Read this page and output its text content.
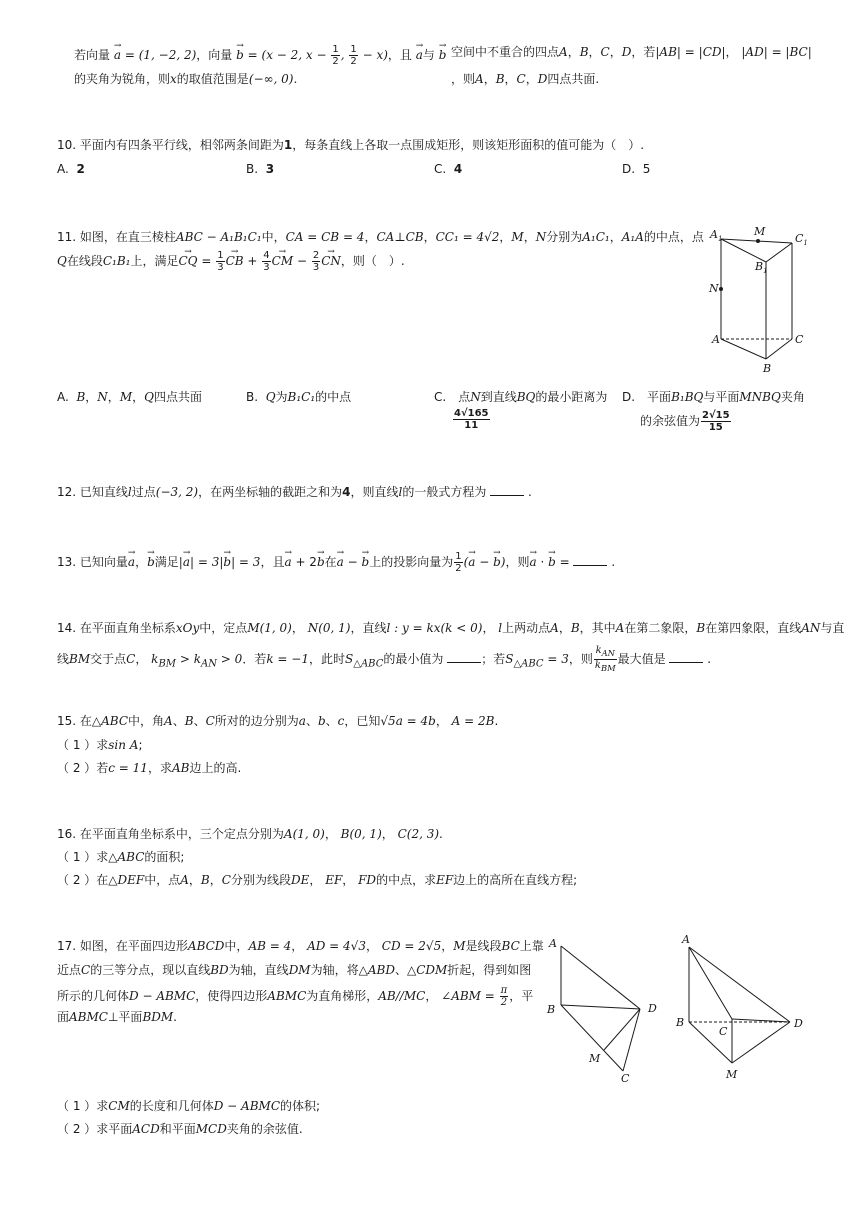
若向量 → a = (1, −2, 2)，向量 → b = (x − 2, $x - \frac{1}{2}$ , $\frac{1}{2} - x$)，且 → a与 → b
的夹角为锐角，则x的取值范围是(−∞, 0).
空间中不重合的四点A，B，C，D，若|AB| = |CD|， |AD| = |BC|
，则A，B，C，D四点共面.
10. 平面内有四条平行线，相邻两条间距为1，每条直线上各取一点围成矩形，则该矩形面积的值可能为（　）.
A. 2	B. 3	C. 4	D. 5
11. 如图，在直三棱柱ABC − A₁B₁C₁中，CA = CB = 4，CA⊥CB，CC₁ = 4√2，M，N分别为A₁C₁，A₁A的中点，点
Q在线段C₁B₁上，满足→ CQ = $\frac{1}{3}$ → CB + $\frac{4}{3}$ → CM − $\frac{2}{3}$ → CN，则（　）.
$A_1$
M
$C_1$
$B_1$
N
A	C
B
A. B，N，M，Q四点共面	B. Q为B₁C₁的中点	C.　点N到直线BQ的最小距离为
$\frac{4√165}{11}$
D.　平面B₁BQ与平面MNBQ夹角
的余弦值为 $\frac{2√15}{15}$
12. 已知直线l过点(−3, 2)，在两坐标轴的截距之和为4，则直线l的一般式方程为	.
13. 已知向量→ a，→ b满足|→ a| = 3|→ b| = 3，且→ a + 2→ b在→ a − → b上的投影向量为 $\frac{1}{2}$ (→ a − → b)，则→ a · → b =	.
14. 在平面直角坐标系xOy中，定点M(1, 0)， N(0, 1)，直线l : y = kx(k < 0)， l上两动点A，B，其中A在第二象限，B在第四象限，直线AN与直
线BM交于点C， $k_{BM} > k_{AN} > 0$．若k = −1，此时$S_{\triangle ABC}$的最小值为	；若$S_{\triangle ABC} = 3$，则 $\frac{k_{AN}}{k_{BM}}$ 最大值是	.
15. 在△ABC中，角A、B、C所对的边分别为a、b、c，已知√5a = 4b， A = 2B.
（ 1 ）求sin A;
（ 2 ）若c = 11，求AB边上的高.
16. 在平面直角坐标系中，三个定点分别为A(1, 0)， B(0, 1)， C(2, 3).
（ 1 ）求△ABC的面积;
（ 2 ）在△DEF中，点A，B，C分别为线段DE， EF， FD的中点，求EF边上的高所在直线方程;
17. 如图，在平面四边形ABCD中，AB = 4， AD = 4√3， CD = 2√5，M是线段BC上靠
近点C的三等分点，现以直线BD为轴，直线DM为轴，将△ABD、△CDM折起，得到如图
所示的几何体D − ABMC，使得四边形ABMC为直角梯形，AB//MC， ∠ABM = $\frac{\pi}{2}$ ，平
面ABMC⊥平面BDM.
A
B	D
M
C
A
B	D
C
M
（ 1 ）求CM的长度和几何体D − ABMC的体积;
（ 2 ）求平面ACD和平面MCD夹角的余弦值.
